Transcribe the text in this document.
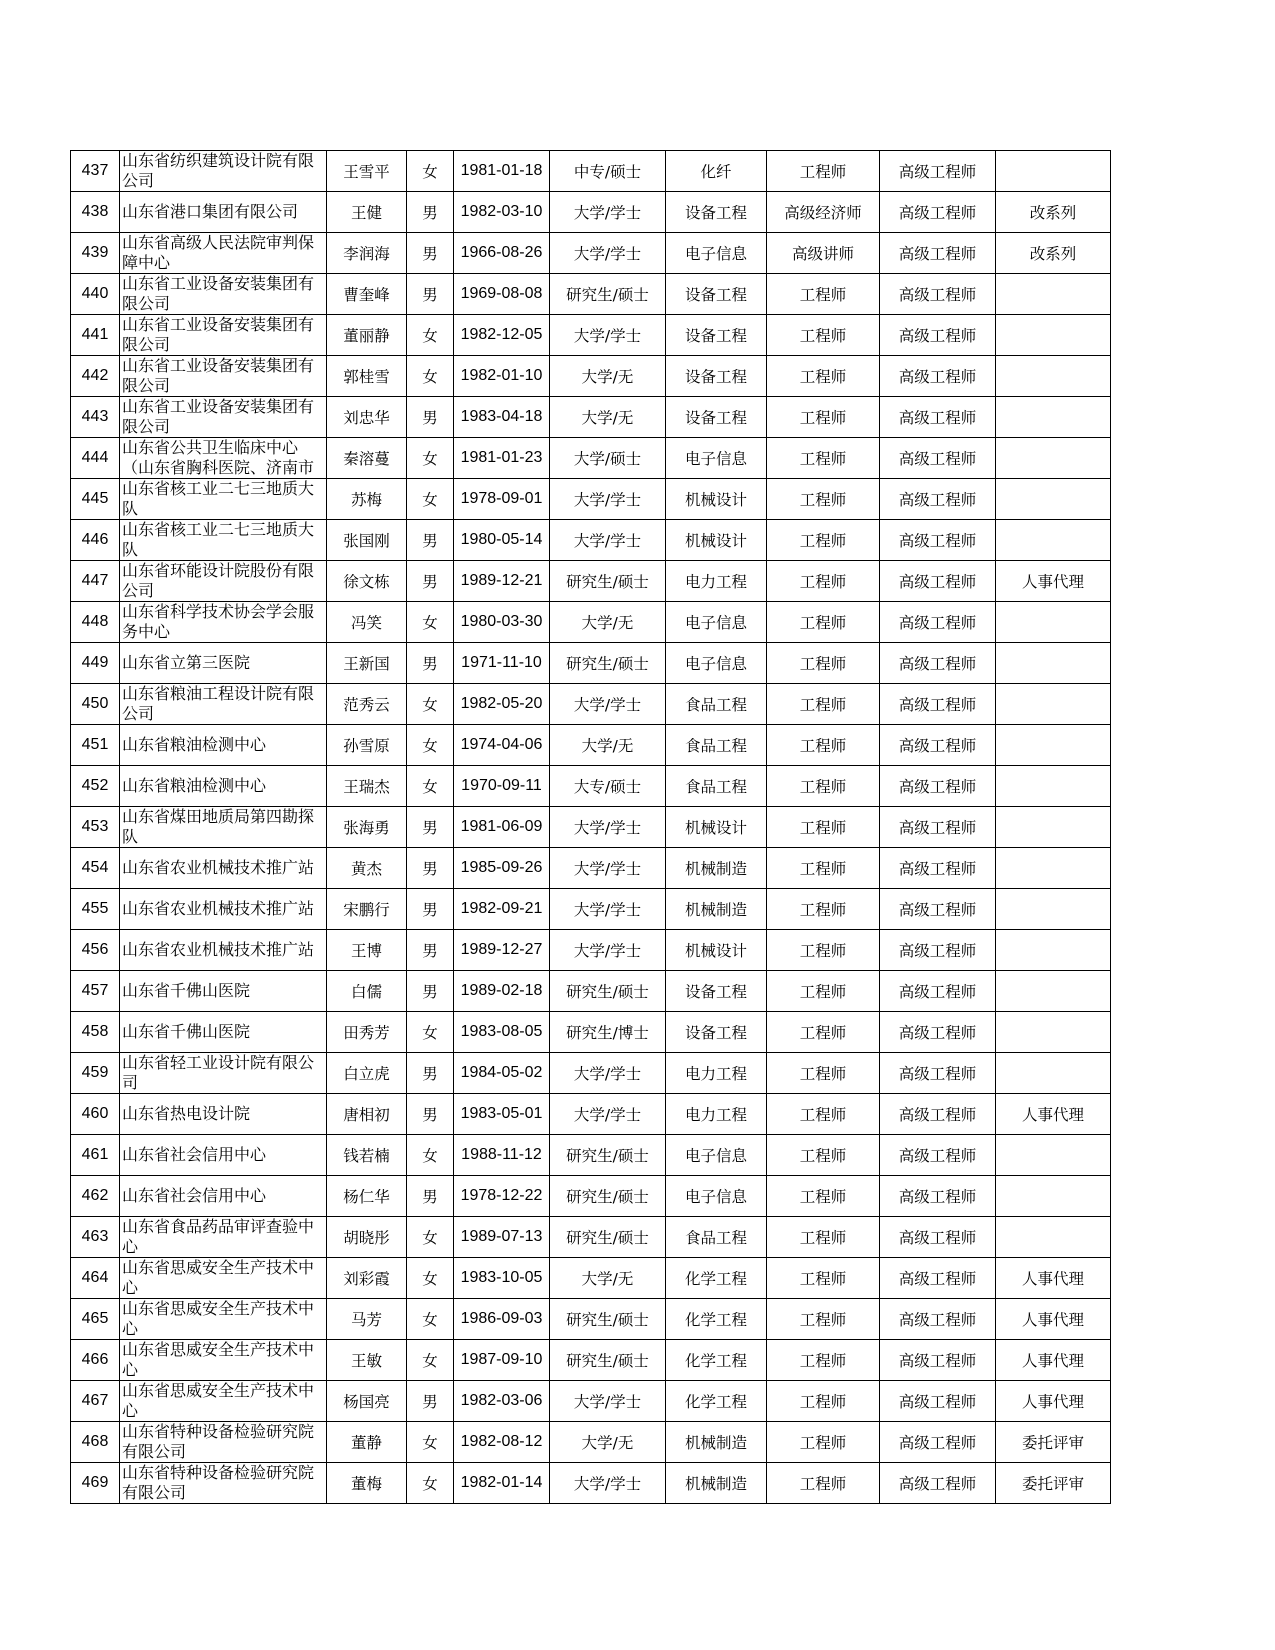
437	山东省纺织建筑设计院有限公司	王雪平	女	1981-01-18	中专/硕士	化纤	工程师	高级工程师	
438	山东省港口集团有限公司	王健	男	1982-03-10	大学/学士	设备工程	高级经济师	高级工程师	改系列
439	山东省高级人民法院审判保障中心	李润海	男	1966-08-26	大学/学士	电子信息	高级讲师	高级工程师	改系列
440	山东省工业设备安装集团有限公司	曹奎峰	男	1969-08-08	研究生/硕士	设备工程	工程师	高级工程师	
441	山东省工业设备安装集团有限公司	董丽静	女	1982-12-05	大学/学士	设备工程	工程师	高级工程师	
442	山东省工业设备安装集团有限公司	郭桂雪	女	1982-01-10	大学/无	设备工程	工程师	高级工程师	
443	山东省工业设备安装集团有限公司	刘忠华	男	1983-04-18	大学/无	设备工程	工程师	高级工程师	
444	山东省公共卫生临床中心（山东省胸科医院、济南市	秦溶蔓	女	1981-01-23	大学/硕士	电子信息	工程师	高级工程师	
445	山东省核工业二七三地质大队	苏梅	女	1978-09-01	大学/学士	机械设计	工程师	高级工程师	
446	山东省核工业二七三地质大队	张国刚	男	1980-05-14	大学/学士	机械设计	工程师	高级工程师	
447	山东省环能设计院股份有限公司	徐文栋	男	1989-12-21	研究生/硕士	电力工程	工程师	高级工程师	人事代理
448	山东省科学技术协会学会服务中心	冯笑	女	1980-03-30	大学/无	电子信息	工程师	高级工程师	
449	山东省立第三医院	王新国	男	1971-11-10	研究生/硕士	电子信息	工程师	高级工程师	
450	山东省粮油工程设计院有限公司	范秀云	女	1982-05-20	大学/学士	食品工程	工程师	高级工程师	
451	山东省粮油检测中心	孙雪原	女	1974-04-06	大学/无	食品工程	工程师	高级工程师	
452	山东省粮油检测中心	王瑞杰	女	1970-09-11	大专/硕士	食品工程	工程师	高级工程师	
453	山东省煤田地质局第四勘探队	张海勇	男	1981-06-09	大学/学士	机械设计	工程师	高级工程师	
454	山东省农业机械技术推广站	黄杰	男	1985-09-26	大学/学士	机械制造	工程师	高级工程师	
455	山东省农业机械技术推广站	宋鹏行	男	1982-09-21	大学/学士	机械制造	工程师	高级工程师	
456	山东省农业机械技术推广站	王博	男	1989-12-27	大学/学士	机械设计	工程师	高级工程师	
457	山东省千佛山医院	白儒	男	1989-02-18	研究生/硕士	设备工程	工程师	高级工程师	
458	山东省千佛山医院	田秀芳	女	1983-08-05	研究生/博士	设备工程	工程师	高级工程师	
459	山东省轻工业设计院有限公司	白立虎	男	1984-05-02	大学/学士	电力工程	工程师	高级工程师	
460	山东省热电设计院	唐相初	男	1983-05-01	大学/学士	电力工程	工程师	高级工程师	人事代理
461	山东省社会信用中心	钱若楠	女	1988-11-12	研究生/硕士	电子信息	工程师	高级工程师	
462	山东省社会信用中心	杨仁华	男	1978-12-22	研究生/硕士	电子信息	工程师	高级工程师	
463	山东省食品药品审评查验中心	胡晓彤	女	1989-07-13	研究生/硕士	食品工程	工程师	高级工程师	
464	山东省思威安全生产技术中心	刘彩霞	女	1983-10-05	大学/无	化学工程	工程师	高级工程师	人事代理
465	山东省思威安全生产技术中心	马芳	女	1986-09-03	研究生/硕士	化学工程	工程师	高级工程师	人事代理
466	山东省思威安全生产技术中心	王敏	女	1987-09-10	研究生/硕士	化学工程	工程师	高级工程师	人事代理
467	山东省思威安全生产技术中心	杨国亮	男	1982-03-06	大学/学士	化学工程	工程师	高级工程师	人事代理
468	山东省特种设备检验研究院有限公司	董静	女	1982-08-12	大学/无	机械制造	工程师	高级工程师	委托评审
469	山东省特种设备检验研究院有限公司	董梅	女	1982-01-14	大学/学士	机械制造	工程师	高级工程师	委托评审
